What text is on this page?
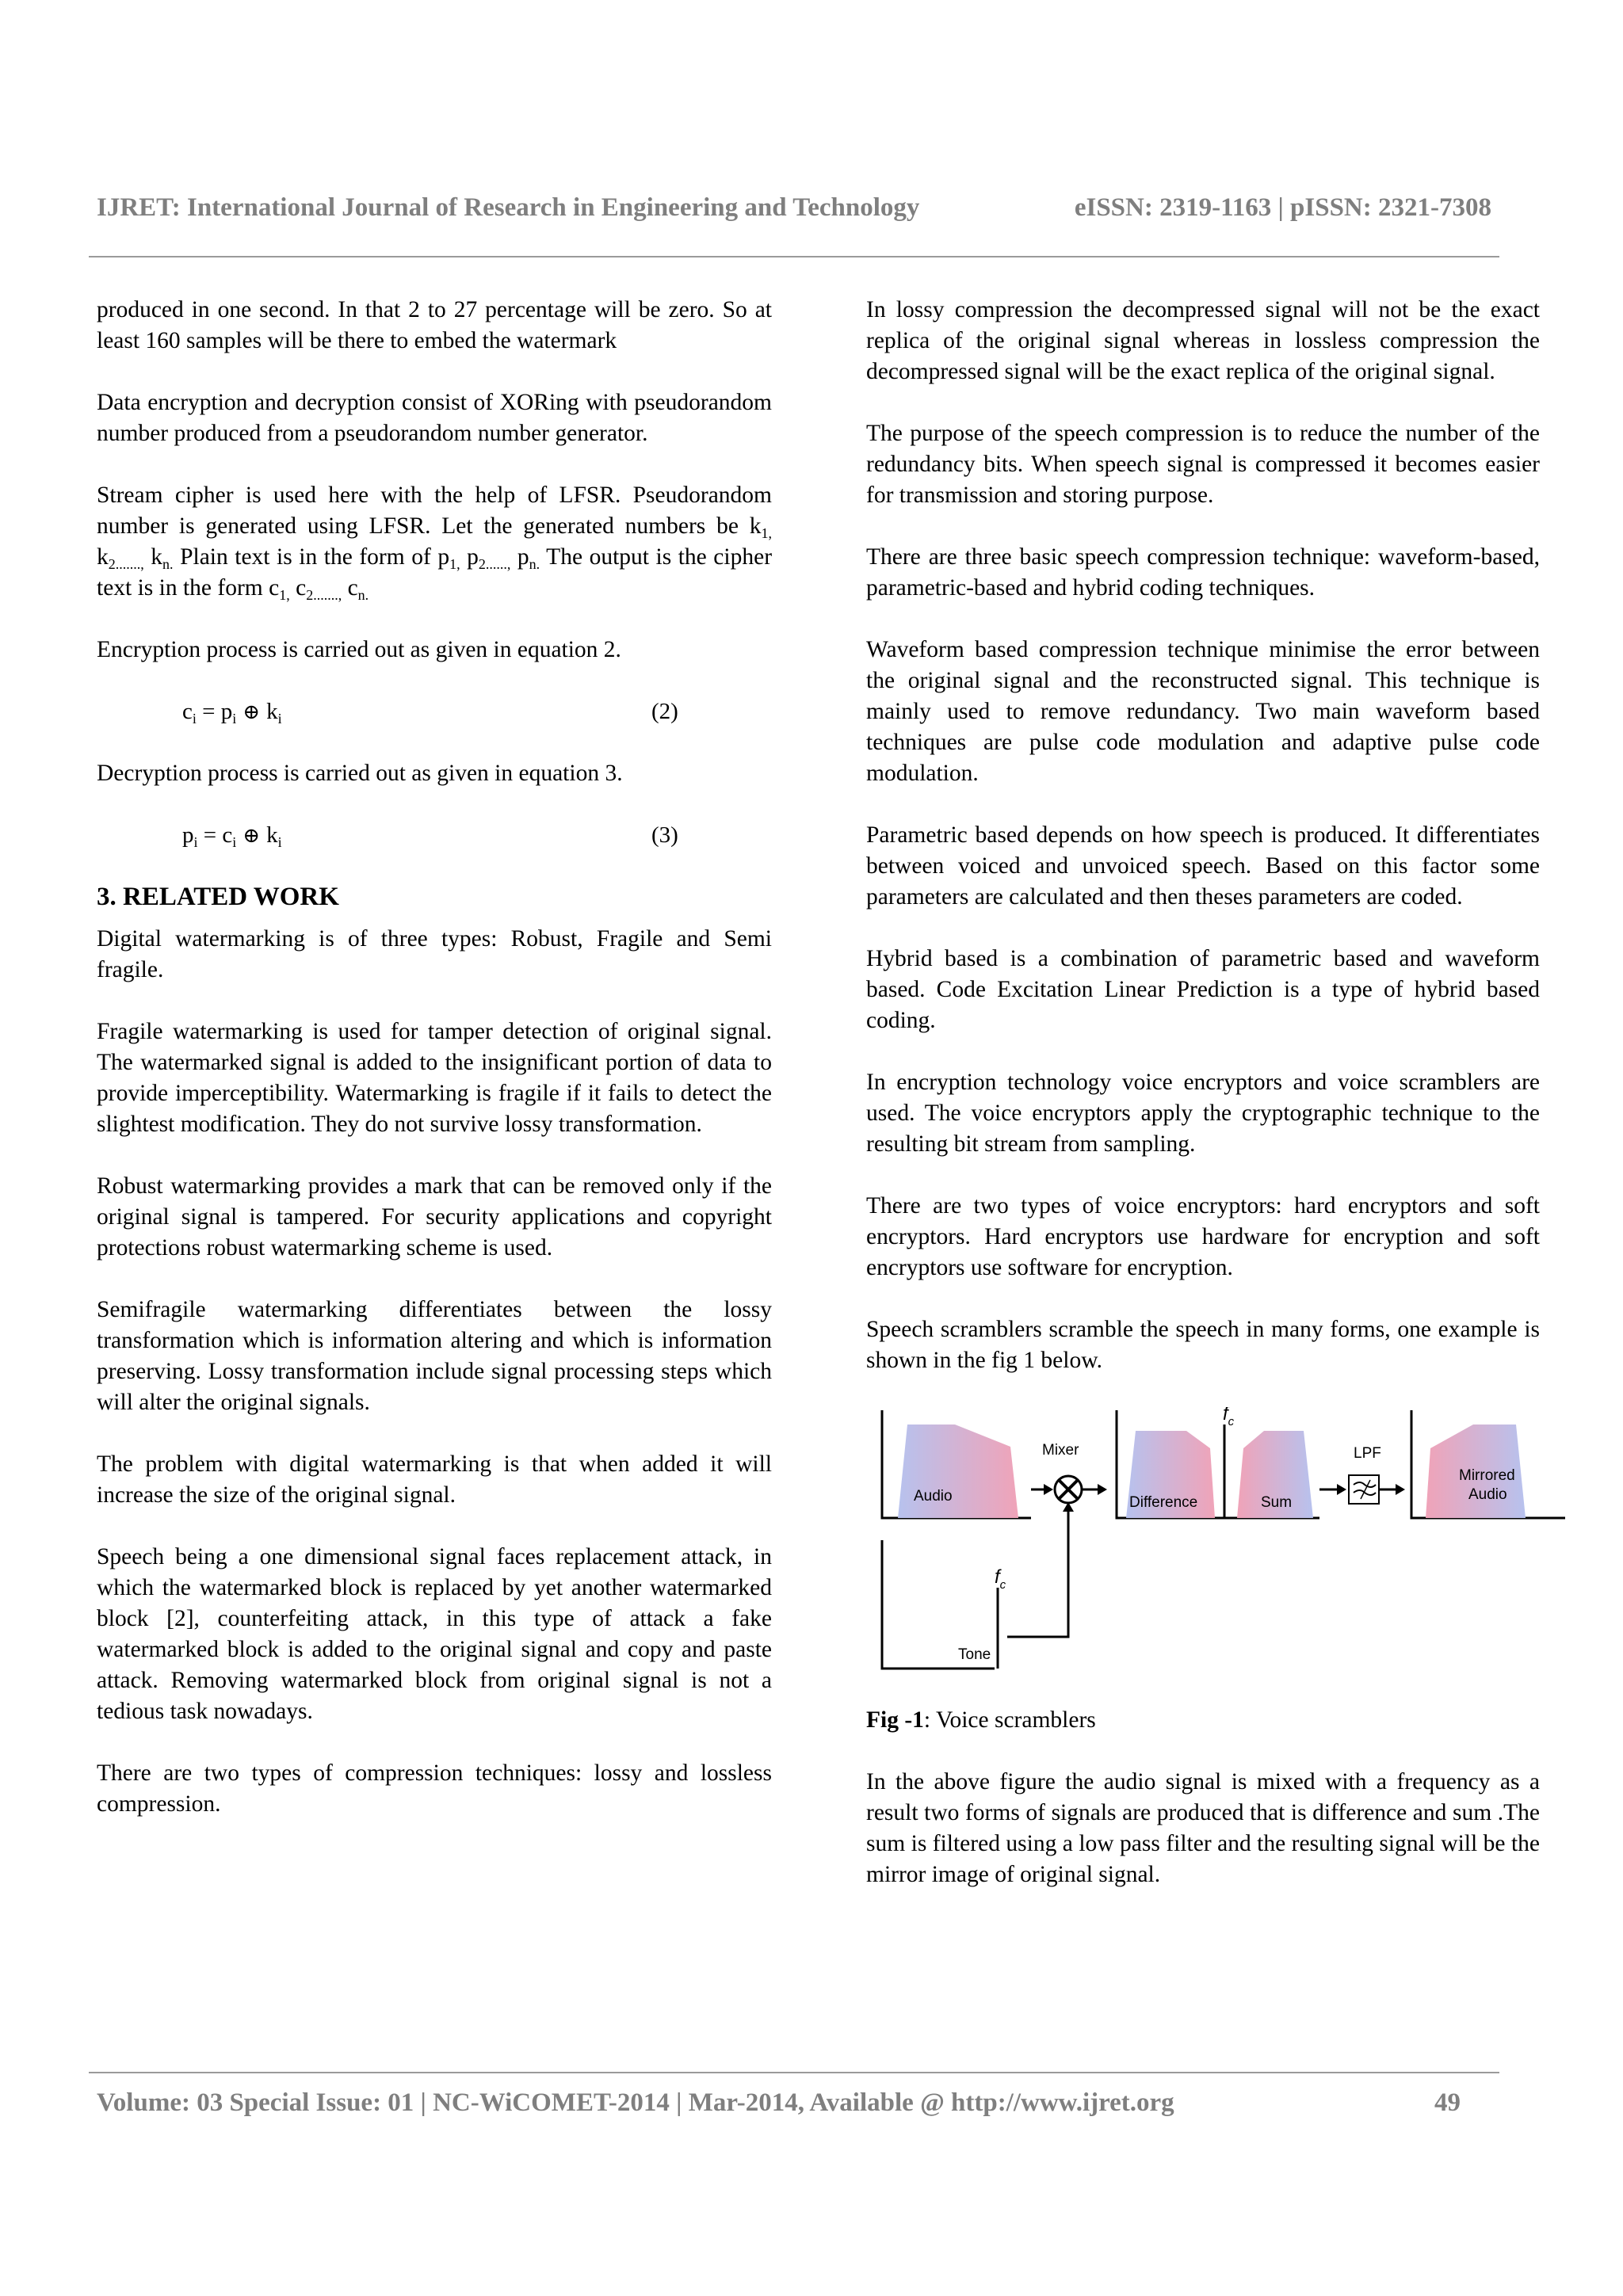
IJRET: International Journal of Research in Engineering and Technology	eISSN: 2319-1163 | pISSN: 2321-7308

produced in one second. In that 2 to 27 percentage will be zero. So at least 160 samples will be there to embed the watermark

Data encryption and decryption consist of XORing with pseudorandom number produced from a pseudorandom number generator.

Stream cipher is used here with the help of LFSR. Pseudorandom number is generated using LFSR. Let the generated numbers be $k_{1,}$ $k_{2.......,}$ $k_{n.}$ Plain text is in the form of $p_{1,}$ $p_{2......,}$ $p_{n.}$ The output is the cipher text is in the form $c_{1,}$ $c_{2.......,}$ $c_{n.}$

Encryption process is carried out as given in equation 2.

$c_i = p_i$ ⊕ $k_i$	(2)

Decryption process is carried out as given in equation 3.

$p_i = c_i$ ⊕ $k_i$	(3)
3. RELATED WORK

Digital watermarking is of three types: Robust, Fragile and Semi fragile.

Fragile watermarking is used for tamper detection of original signal. The watermarked signal is added to the insignificant portion of data to provide imperceptibility. Watermarking is fragile if it fails to detect the slightest modification. They do not survive lossy transformation.

Robust watermarking provides a mark that can be removed only if the original signal is tampered. For security applications and copyright protections robust watermarking scheme is used.

Semifragile watermarking differentiates between the lossy transformation which is information altering and which is information preserving. Lossy transformation include signal processing steps which will alter the original signals.

The problem with digital watermarking is that when added it will increase the size of the original signal.

Speech being a one dimensional signal faces replacement attack, in which the watermarked block is replaced by yet another watermarked block [2], counterfeiting attack, in this type of attack a fake watermarked block is added to the original signal and copy and paste attack. Removing watermarked block from original signal is not a tedious task nowadays.

There are two types of compression techniques: lossy and lossless compression.

In lossy compression the decompressed signal will not be the exact replica of the original signal whereas in lossless compression the decompressed signal will be the exact replica of the original signal.

The purpose of the speech compression is to reduce the number of the redundancy bits. When speech signal is compressed it becomes easier for transmission and storing purpose.

There are three basic speech compression technique: waveform-based, parametric-based and hybrid coding techniques.

Waveform based compression technique minimise the error between the original signal and the reconstructed signal. This technique is mainly used to remove redundancy. Two main waveform based techniques are pulse code modulation and adaptive pulse code modulation.

Parametric based depends on how speech is produced. It differentiates between voiced and unvoiced speech. Based on this factor some parameters are calculated and then theses parameters are coded.

Hybrid based is a combination of parametric based and waveform based. Code Excitation Linear Prediction is a type of hybrid based coding.

In encryption technology voice encryptors and voice scramblers are used. The voice encryptors apply the cryptographic technique to the resulting bit stream from sampling.

There are two types of voice encryptors: hard encryptors and soft encryptors. Hard encryptors use hardware for encryption and soft encryptors use software for encryption.

Speech scramblers scramble the speech in many forms, one example is shown in the fig 1 below.

Audio
Mixer
Difference
$f_c$
Sum
LPF
Mirrored
Audio
$f_c$
Tone

Fig -1: Voice scramblers

In the above figure the audio signal is mixed with a frequency as a result two forms of signals are produced that is difference and sum .The sum is filtered using a low pass filter and the resulting signal will be the mirror image of original signal.

Volume: 03 Special Issue: 01 | NC-WiCOMET-2014 | Mar-2014, Available @ http://www.ijret.org	49
